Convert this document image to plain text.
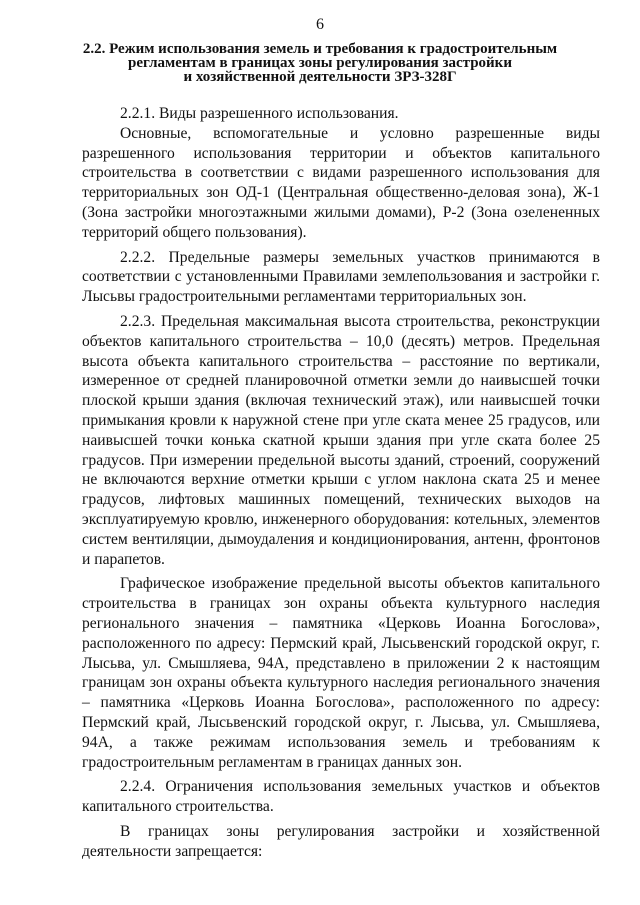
6
2.2. Режим использования земель и требования к градостроительным
регламентам в границах зоны регулирования застройки
и хозяйственной деятельности ЗРЗ-328Г

2.2.1. Виды разрешенного использования.

Основные, вспомогательные и условно разрешенные виды разрешенного использования территории и объектов капитального строительства в соответствии с видами разрешенного использования для территориальных зон ОД-1 (Центральная общественно-деловая зона), Ж-1 (Зона застройки многоэтажными жилыми домами), Р-2 (Зона озелененных территорий общего пользования).

2.2.2. Предельные размеры земельных участков принимаются в соответствии с установленными Правилами землепользования и застройки г. Лысьвы градостроительными регламентами территориальных зон.

2.2.3. Предельная максимальная высота строительства, реконструкции объектов капитального строительства – 10,0 (десять) метров. Предельная высота объекта капитального строительства – расстояние по вертикали, измеренное от средней планировочной отметки земли до наивысшей точки плоской крыши здания (включая технический этаж), или наивысшей точки примыкания кровли к наружной стене при угле ската менее 25 градусов, или наивысшей точки конька скатной крыши здания при угле ската более 25 градусов. При измерении предельной высоты зданий, строений, сооружений не включаются верхние отметки крыши с углом наклона ската 25 и менее градусов, лифтовых машинных помещений, технических выходов на эксплуатируемую кровлю, инженерного оборудования: котельных, элементов систем вентиляции, дымоудаления и кондиционирования, антенн, фронтонов и парапетов.

Графическое изображение предельной высоты объектов капитального строительства в границах зон охраны объекта культурного наследия регионального значения – памятника «Церковь Иоанна Богослова», расположенного по адресу: Пермский край, Лысьвенский городской округ, г. Лысьва, ул. Смышляева, 94А, представлено в приложении 2 к настоящим границам зон охраны объекта культурного наследия регионального значения – памятника «Церковь Иоанна Богослова», расположенного по адресу: Пермский край, Лысьвенский городской округ, г. Лысьва, ул. Смышляева, 94А, а также режимам использования земель и требованиям к градостроительным регламентам в границах данных зон.

2.2.4. Ограничения использования земельных участков и объектов капитального строительства.

В границах зоны регулирования застройки и хозяйственной деятельности запрещается:
